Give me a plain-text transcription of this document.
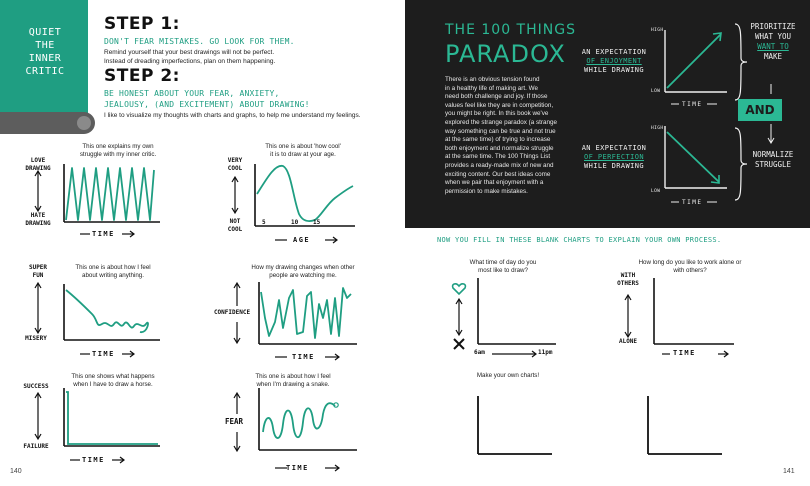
QUIET
THE
INNER
CRITIC
STEP 1:
DON'T FEAR MISTAKES. GO LOOK FOR THEM.
Remind yourself that your best drawings will not be perfect.
Instead of dreading imperfections, plan on them happening.
STEP 2:
BE HONEST ABOUT YOUR FEAR, ANXIETY,
JEALOUSY, (AND EXCITEMENT) ABOUT DRAWING!
I like to visualize my thoughts with charts and graphs, to help me understand my feelings.
This one explains my own
struggle with my inner critic.
LOVE
DRAWING
HATE
DRAWING
TIME
This one is about 'how cool'
it is to draw at your age.
VERY
COOL
NOT
COOL
5	10 15
AGE
This one is about how I feel
about writing anything.
SUPER
FUN
MISERY
TIME
How my drawing changes when other
people are watching me.
CONFIDENCE
TIME
This one shows what happens
when I have to draw a horse.
SUCCESS
FAILURE
TIME
This one is about how I feel
when I'm drawing a snake.
FEAR
TIME
140
THE 100 THINGS
PARADOX
There is an obvious tension found
in a healthy life of making art. We
need both challenge and joy. If those
values feel like they are in competition,
you might be right. In this book we've
explored the strange paradox (a strange
way something can be true and not true
at the same time) of trying to increase
both enjoyment and normalize struggle
at the same time. The 100 Things List
provides a ready-made mix of new and
exciting content. Our best ideas come
when we pair that enjoyment with a
permission to make mistakes.
AN EXPECTATION
OF ENJOYMENT
WHILE DRAWING
AN EXPECTATION
OF PERFECTION
WHILE DRAWING
HIGH
LOW
TIME
HIGH
LOW
TIME
PRIORITIZE
WHAT YOU
WANT TO
MAKE
NORMALIZE
STRUGGLE
AND
NOW YOU FILL IN THESE BLANK CHARTS TO EXPLAIN YOUR OWN PROCESS.
What time of day do you
most like to draw?
6am	11pm
How long do you like to work alone or
with others?
WITH
OTHERS
ALONE
TIME
Make your own charts!
141
